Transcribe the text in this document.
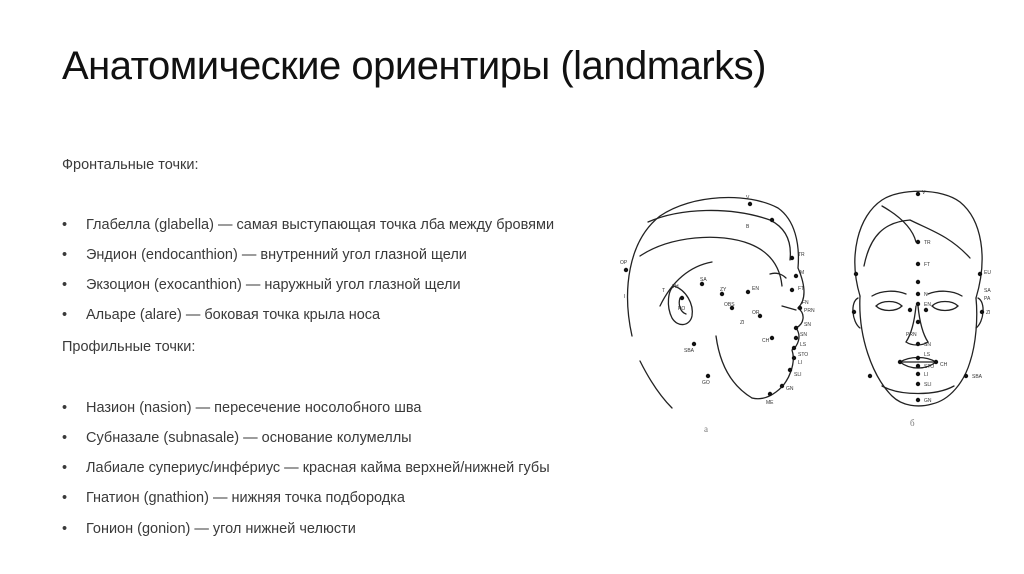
Анатомические ориентиры (landmarks)
Фронтальные точки:
• Глабелла (glabella) — самая выступающая точка лба между бровями
• Эндион (endocanthion) — внутренний угол глазной щели
• Экзоцион (exocanthion) — наружный угол глазной щели
• Альаре (alare) — боковая точка крыла носа
Профильные точки:
• Назион (nasion) — пересечение носолобного шва
• Субназале (subnasale) — основание колумеллы
• Лабиале супериус/инфе́риус — красная кайма верхней/нижней губы
• Гнатион (gnathion) — нижняя точка подбородка
• Гонион (gonion) — угол нижней челюсти
V
B
TR
M
OP
FT
SA
ZY
OBS
PO
SN
EN
OR
FN
PRN
SBA
CH
SN
LS
STO
LI
SLI
GN
ME
GO
T
TH
I
ZI
а
V
TR
FT
EU
N
EN
ZI
SA
PRN
SN
LS
STO
LI
SLI
GN
CH
SBA
PA
б
